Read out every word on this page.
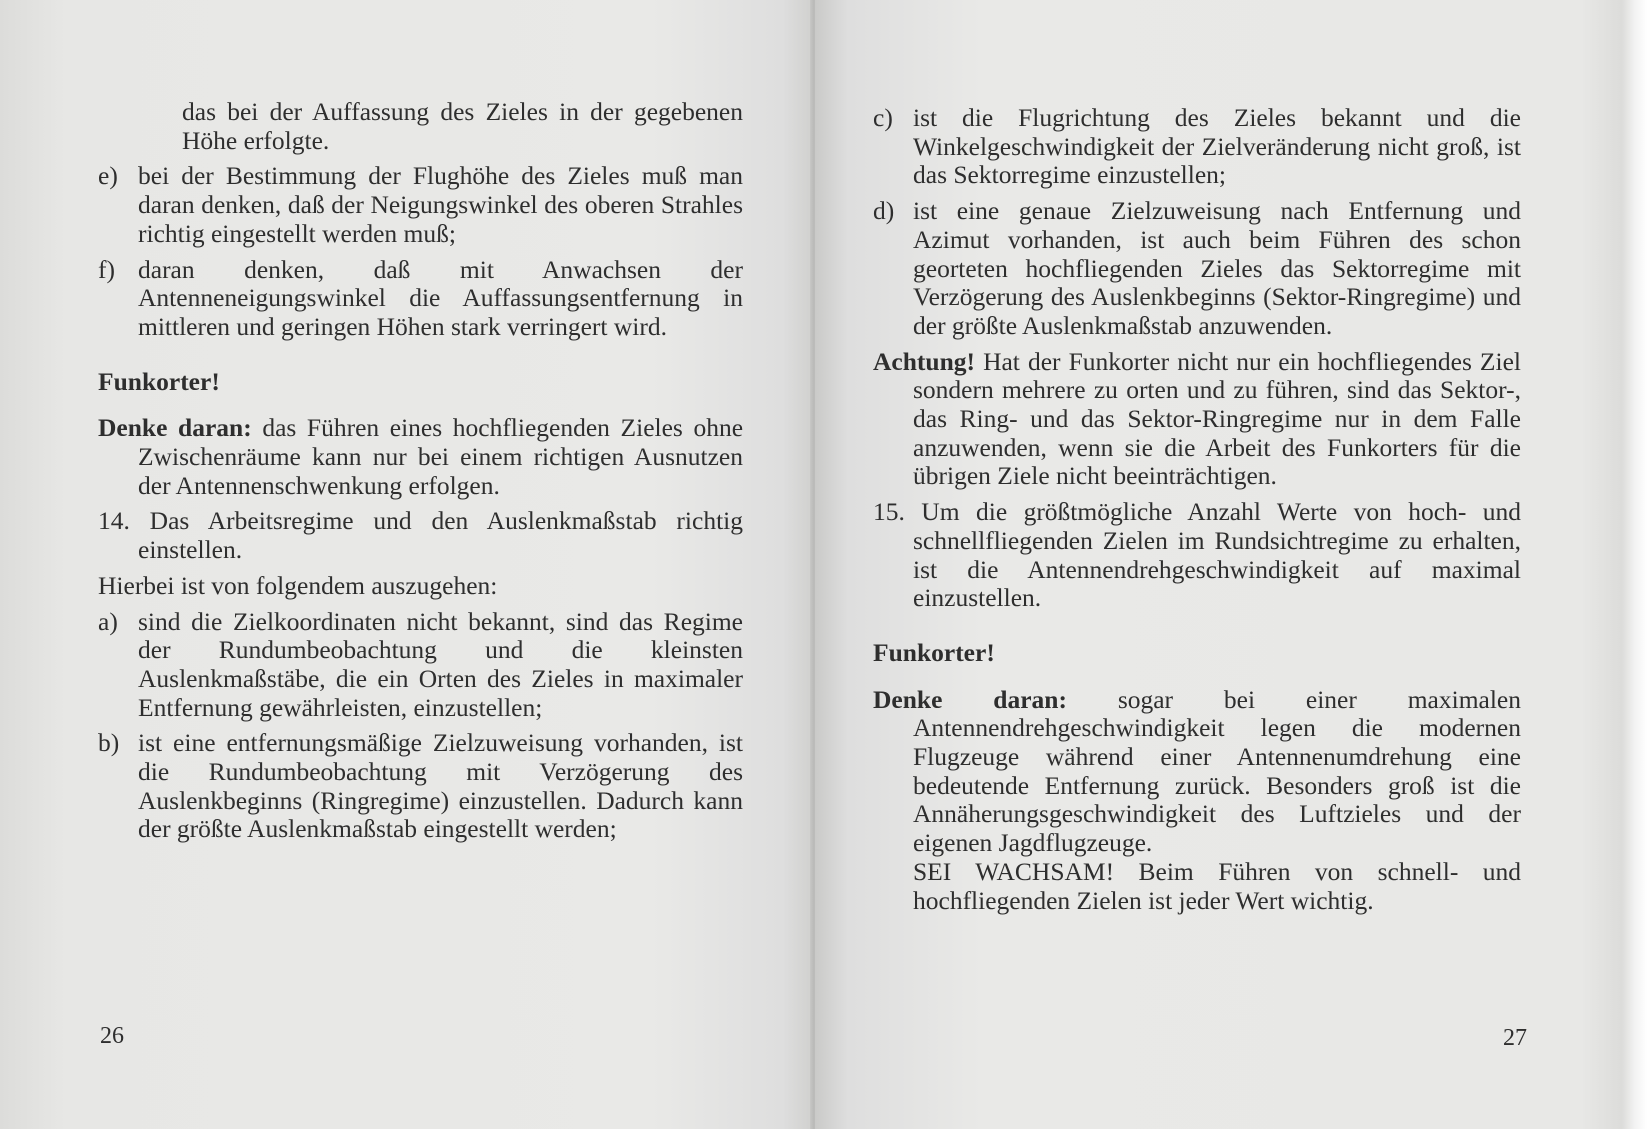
das bei der Auffassung des Zieles in der gegebenen Höhe erfolgte.

e) bei der Bestimmung der Flughöhe des Zieles muß man daran denken, daß der Neigungswinkel des oberen Strahles richtig eingestellt werden muß;
f) daran denken, daß mit Anwachsen der Antenneneigungswinkel die Auffassungsentfernung in mittleren und geringen Höhen stark verringert wird.

Funkorter!

Denke daran: das Führen eines hochfliegenden Zieles ohne Zwischenräume kann nur bei einem richtigen Ausnutzen der Antennenschwenkung erfolgen.

14. Das Arbeitsregime und den Auslenkmaßstab richtig einstellen.

Hierbei ist von folgendem auszugehen:

a) sind die Zielkoordinaten nicht bekannt, sind das Regime der Rundumbeobachtung und die kleinsten Auslenkmaßstäbe, die ein Orten des Zieles in maximaler Entfernung gewährleisten, einzustellen;
b) ist eine entfernungsmäßige Zielzuweisung vorhanden, ist die Rundumbeobachtung mit Verzögerung des Auslenkbeginns (Ringregime) einzustellen. Dadurch kann der größte Auslenkmaßstab eingestellt werden;
26
c) ist die Flugrichtung des Zieles bekannt und die Winkelgeschwindigkeit der Zielveränderung nicht groß, ist das Sektorregime einzustellen;
d) ist eine genaue Zielzuweisung nach Entfernung und Azimut vorhanden, ist auch beim Führen des schon georteten hochfliegenden Zieles das Sektorregime mit Verzögerung des Auslenkbeginns (Sektor-Ringregime) und der größte Auslenkmaßstab anzuwenden.

Achtung! Hat der Funkorter nicht nur ein hochfliegendes Ziel sondern mehrere zu orten und zu führen, sind das Sektor-, das Ring- und das Sektor-Ringregime nur in dem Falle anzuwenden, wenn sie die Arbeit des Funkorters für die übrigen Ziele nicht beeinträchtigen.

15. Um die größtmögliche Anzahl Werte von hoch- und schnellfliegenden Zielen im Rundsichtregime zu erhalten, ist die Antennendrehgeschwindigkeit auf maximal einzustellen.

Funkorter!

Denke daran: sogar bei einer maximalen Antennendrehgeschwindigkeit legen die modernen Flugzeuge während einer Antennenumdrehung eine bedeutende Entfernung zurück. Besonders groß ist die Annäherungsgeschwindigkeit des Luftzieles und der eigenen Jagdflugzeuge.

SEI WACHSAM! Beim Führen von schnell- und hochfliegenden Zielen ist jeder Wert wichtig.

27
